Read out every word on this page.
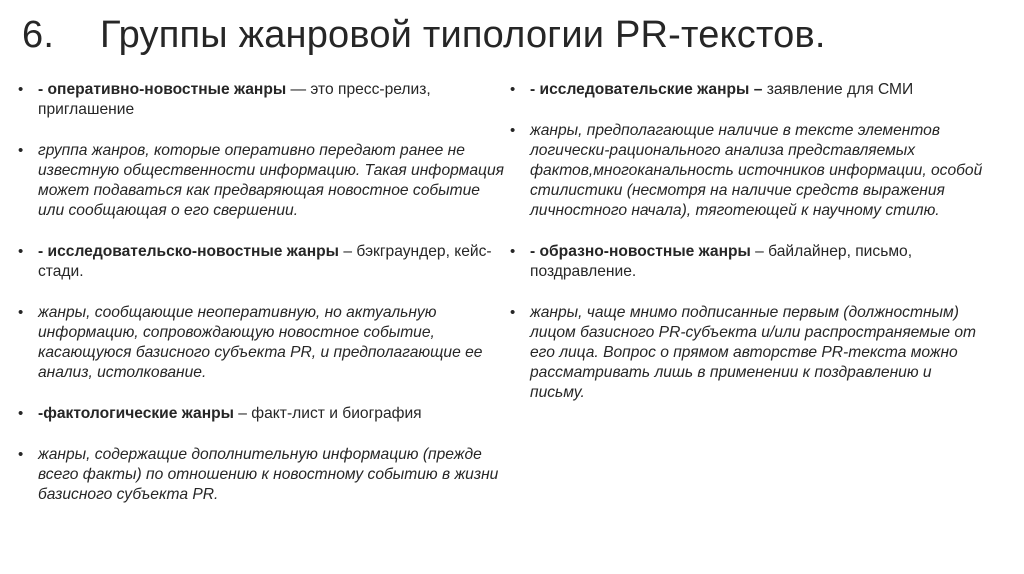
6. Группы жанровой типологии PR-текстов.
• - оперативно-новостные жанры — это пресс-релиз, приглашение
• группа жанров, которые оперативно передают ранее не известную общественности информацию. Такая информация может подаваться как предваряющая новостное событие или сообщающая о его свершении.
• - исследовательско-новостные жанры – бэкграундер, кейс-стади.
• жанры, сообщающие неоперативную, но актуальную информацию, сопровождающую новостное событие, касающуюся базисного субъекта PR, и предполагающие ее анализ, истолкование.
• -фактологические жанры – факт-лист и биография
• жанры, содержащие дополнительную информацию (прежде всего факты) по отношению к новостному событию в жизни базисного субъекта PR.
• - исследовательские жанры – заявление для СМИ
• жанры, предполагающие наличие в тексте элементов логически-рационального анализа представляемых фактов,многоканальность источников информации, особой стилистики (несмотря на наличие средств выражения личностного начала), тяготеющей к научному стилю.
• - образно-новостные жанры – байлайнер, письмо, поздравление.
• жанры, чаще мнимо подписанные первым (должностным) лицом базисного PR-субъекта и/или распространяемые от его лица. Вопрос о прямом авторстве PR-текста можно рассматривать лишь в применении к поздравлению и письму.
